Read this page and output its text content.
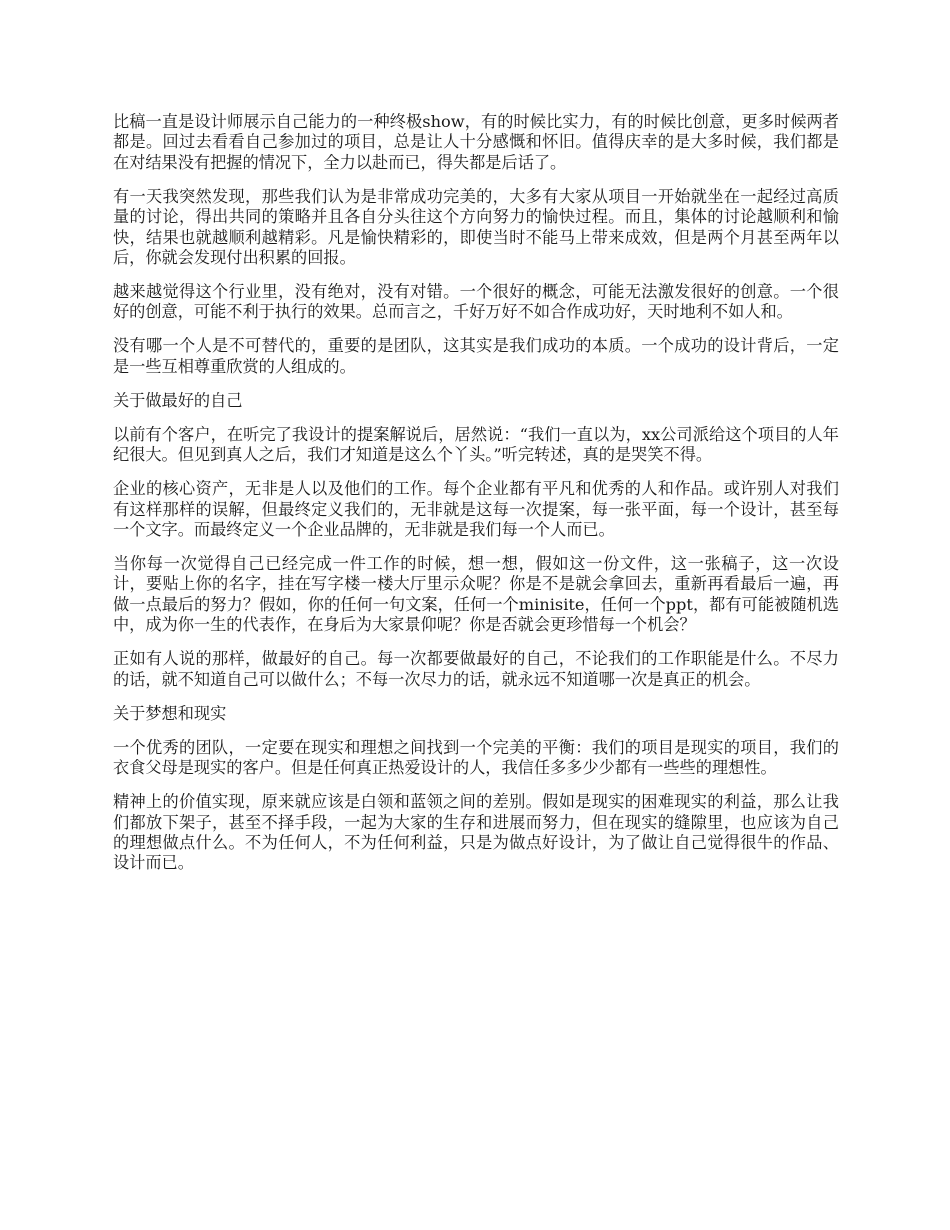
比稿一直是设计师展示自己能力的一种终极show，有的时候比实力，有的时候比创意，更多时候两者都是。回过去看看自己参加过的项目，总是让人十分感慨和怀旧。值得庆幸的是大多时候，我们都是在对结果没有把握的情况下，全力以赴而已，得失都是后话了。

有一天我突然发现，那些我们认为是非常成功完美的，大多有大家从项目一开始就坐在一起经过高质量的讨论，得出共同的策略并且各自分头往这个方向努力的愉快过程。而且，集体的讨论越顺利和愉快，结果也就越顺利越精彩。凡是愉快精彩的，即使当时不能马上带来成效，但是两个月甚至两年以后，你就会发现付出积累的回报。

越来越觉得这个行业里，没有绝对，没有对错。一个很好的概念，可能无法激发很好的创意。一个很好的创意，可能不利于执行的效果。总而言之，千好万好不如合作成功好，天时地利不如人和。

没有哪一个人是不可替代的，重要的是团队，这其实是我们成功的本质。一个成功的设计背后，一定是一些互相尊重欣赏的人组成的。

关于做最好的自己

以前有个客户，在听完了我设计的提案解说后，居然说：“我们一直以为，xx公司派给这个项目的人年纪很大。但见到真人之后，我们才知道是这么个丫头。”听完转述，真的是哭笑不得。

企业的核心资产，无非是人以及他们的工作。每个企业都有平凡和优秀的人和作品。或许别人对我们有这样那样的误解，但最终定义我们的，无非就是这每一次提案，每一张平面，每一个设计，甚至每一个文字。而最终定义一个企业品牌的，无非就是我们每一个人而已。

当你每一次觉得自己已经完成一件工作的时候，想一想，假如这一份文件，这一张稿子，这一次设计，要贴上你的名字，挂在写字楼一楼大厅里示众呢？你是不是就会拿回去，重新再看最后一遍，再做一点最后的努力？假如，你的任何一句文案，任何一个minisite，任何一个ppt，都有可能被随机选中，成为你一生的代表作，在身后为大家景仰呢？你是否就会更珍惜每一个机会？

正如有人说的那样，做最好的自己。每一次都要做最好的自己，不论我们的工作职能是什么。不尽力的话，就不知道自己可以做什么；不每一次尽力的话，就永远不知道哪一次是真正的机会。

关于梦想和现实

一个优秀的团队，一定要在现实和理想之间找到一个完美的平衡：我们的项目是现实的项目，我们的衣食父母是现实的客户。但是任何真正热爱设计的人，我信任多多少少都有一些些的理想性。

精神上的价值实现，原来就应该是白领和蓝领之间的差别。假如是现实的困难现实的利益，那么让我们都放下架子，甚至不择手段，一起为大家的生存和进展而努力，但在现实的缝隙里，也应该为自己的理想做点什么。不为任何人，不为任何利益，只是为做点好设计，为了做让自己觉得很牛的作品、设计而已。
